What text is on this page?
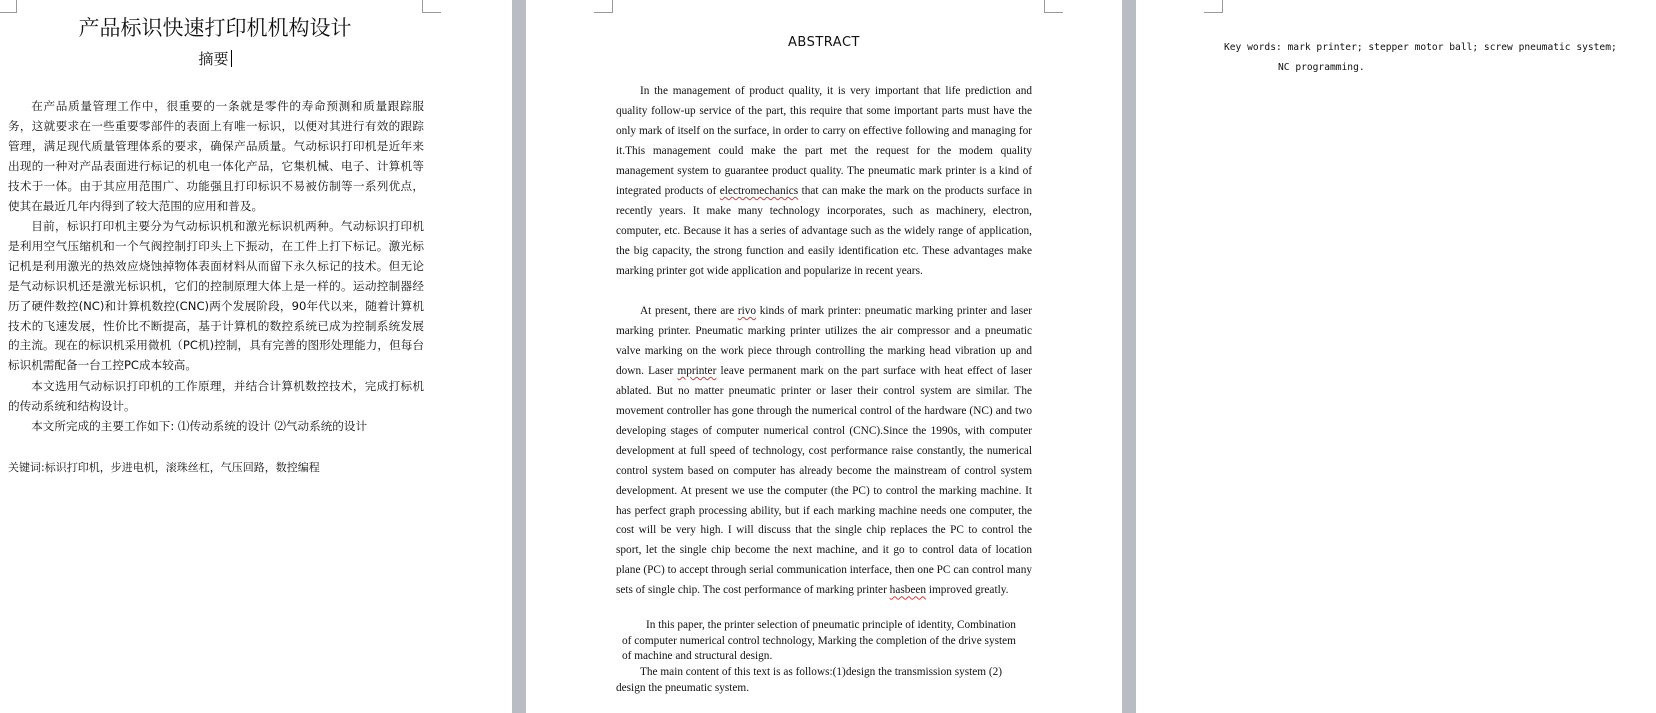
产品标识快速打印机机构设计
摘要

在产品质量管理工作中，很重要的一条就是零件的寿命预测和质量跟踪服务，这就要求在一些重要零部件的表面上有唯一标识，以便对其进行有效的跟踪管理，满足现代质量管理体系的要求，确保产品质量。气动标识打印机是近年来出现的一种对产品表面进行标记的机电一体化产品，它集机械、电子、计算机等技术于一体。由于其应用范围广、功能强且打印标识不易被仿制等一系列优点，使其在最近几年内得到了较大范围的应用和普及。

目前，标识打印机主要分为气动标识机和激光标识机两种。气动标识打印机是利用空气压缩机和一个气阀控制打印头上下振动，在工件上打下标记。激光标记机是利用激光的热效应烧蚀掉物体表面材料从而留下永久标记的技术。但无论是气动标识机还是激光标识机，它们的控制原理大体上是一样的。运动控制器经历了硬件数控(NC)和计算机数控(CNC)两个发展阶段，90年代以来，随着计算机技术的飞速发展，性价比不断提高，基于计算机的数控系统已成为控制系统发展的主流。现在的标识机采用微机（PC机)控制，具有完善的图形处理能力，但每台标识机需配备一台工控PC成本较高。

本文选用气动标识打印机的工作原理，并结合计算机数控技术，完成打标机的传动系统和结构设计。

本文所完成的主要工作如下: ⑴传动系统的设计 ⑵气动系统的设计

关键词:标识打印机，步进电机，滚珠丝杠，气压回路，数控编程
ABSTRACT

In the management of product quality, it is very important that life prediction and quality follow-up service of the part, this require that some important parts must have the only mark of itself on the surface, in order to carry on effective following and managing for it.This management could make the part met the request for the modem quality management system to guarantee product quality. The pneumatic mark printer is a kind of integrated products of electromechanics that can make the mark on the products surface in recently years. It make many technology incorporates, such as machinery, electron, computer, etc. Because it has a series of advantage such as the widely range of application, the big capacity, the strong function and easily identification etc. These advantages make marking printer got wide application and popularize in recent years.

At present, there are rivo kinds of mark printer: pneumatic marking printer and laser marking printer. Pneumatic marking printer utilizes the air compressor and a pneumatic valve marking on the work piece through controlling the marking head vibration up and down. Laser mprinter leave permanent mark on the part surface with heat effect of laser ablated. But no matter pneumatic printer or laser their control system are similar. The movement controller has gone through the numerical control of the hardware (NC) and two developing stages of computer numerical control (CNC).Since the 1990s, with computer development at full speed of technology, cost performance raise constantly, the numerical control system based on computer has already become the mainstream of control system development. At present we use the computer (the PC) to control the marking machine. It has perfect graph processing ability, but if each marking machine needs one computer, the cost will be very high. I will discuss that the single chip replaces the PC to control the sport, let the single chip become the next machine, and it go to control data of location plane (PC) to accept through serial communication interface, then one PC can control many sets of single chip. The cost performance of marking printer hasbeen improved greatly.

In this paper, the printer selection of pneumatic principle of identity, Combination of computer numerical control technology, Marking the completion of the drive system of machine and structural design.

The main content of this text is as follows:(1)design the transmission system (2) design the pneumatic system.

Key words: mark printer; stepper motor ball; screw pneumatic system;

NC programming.
